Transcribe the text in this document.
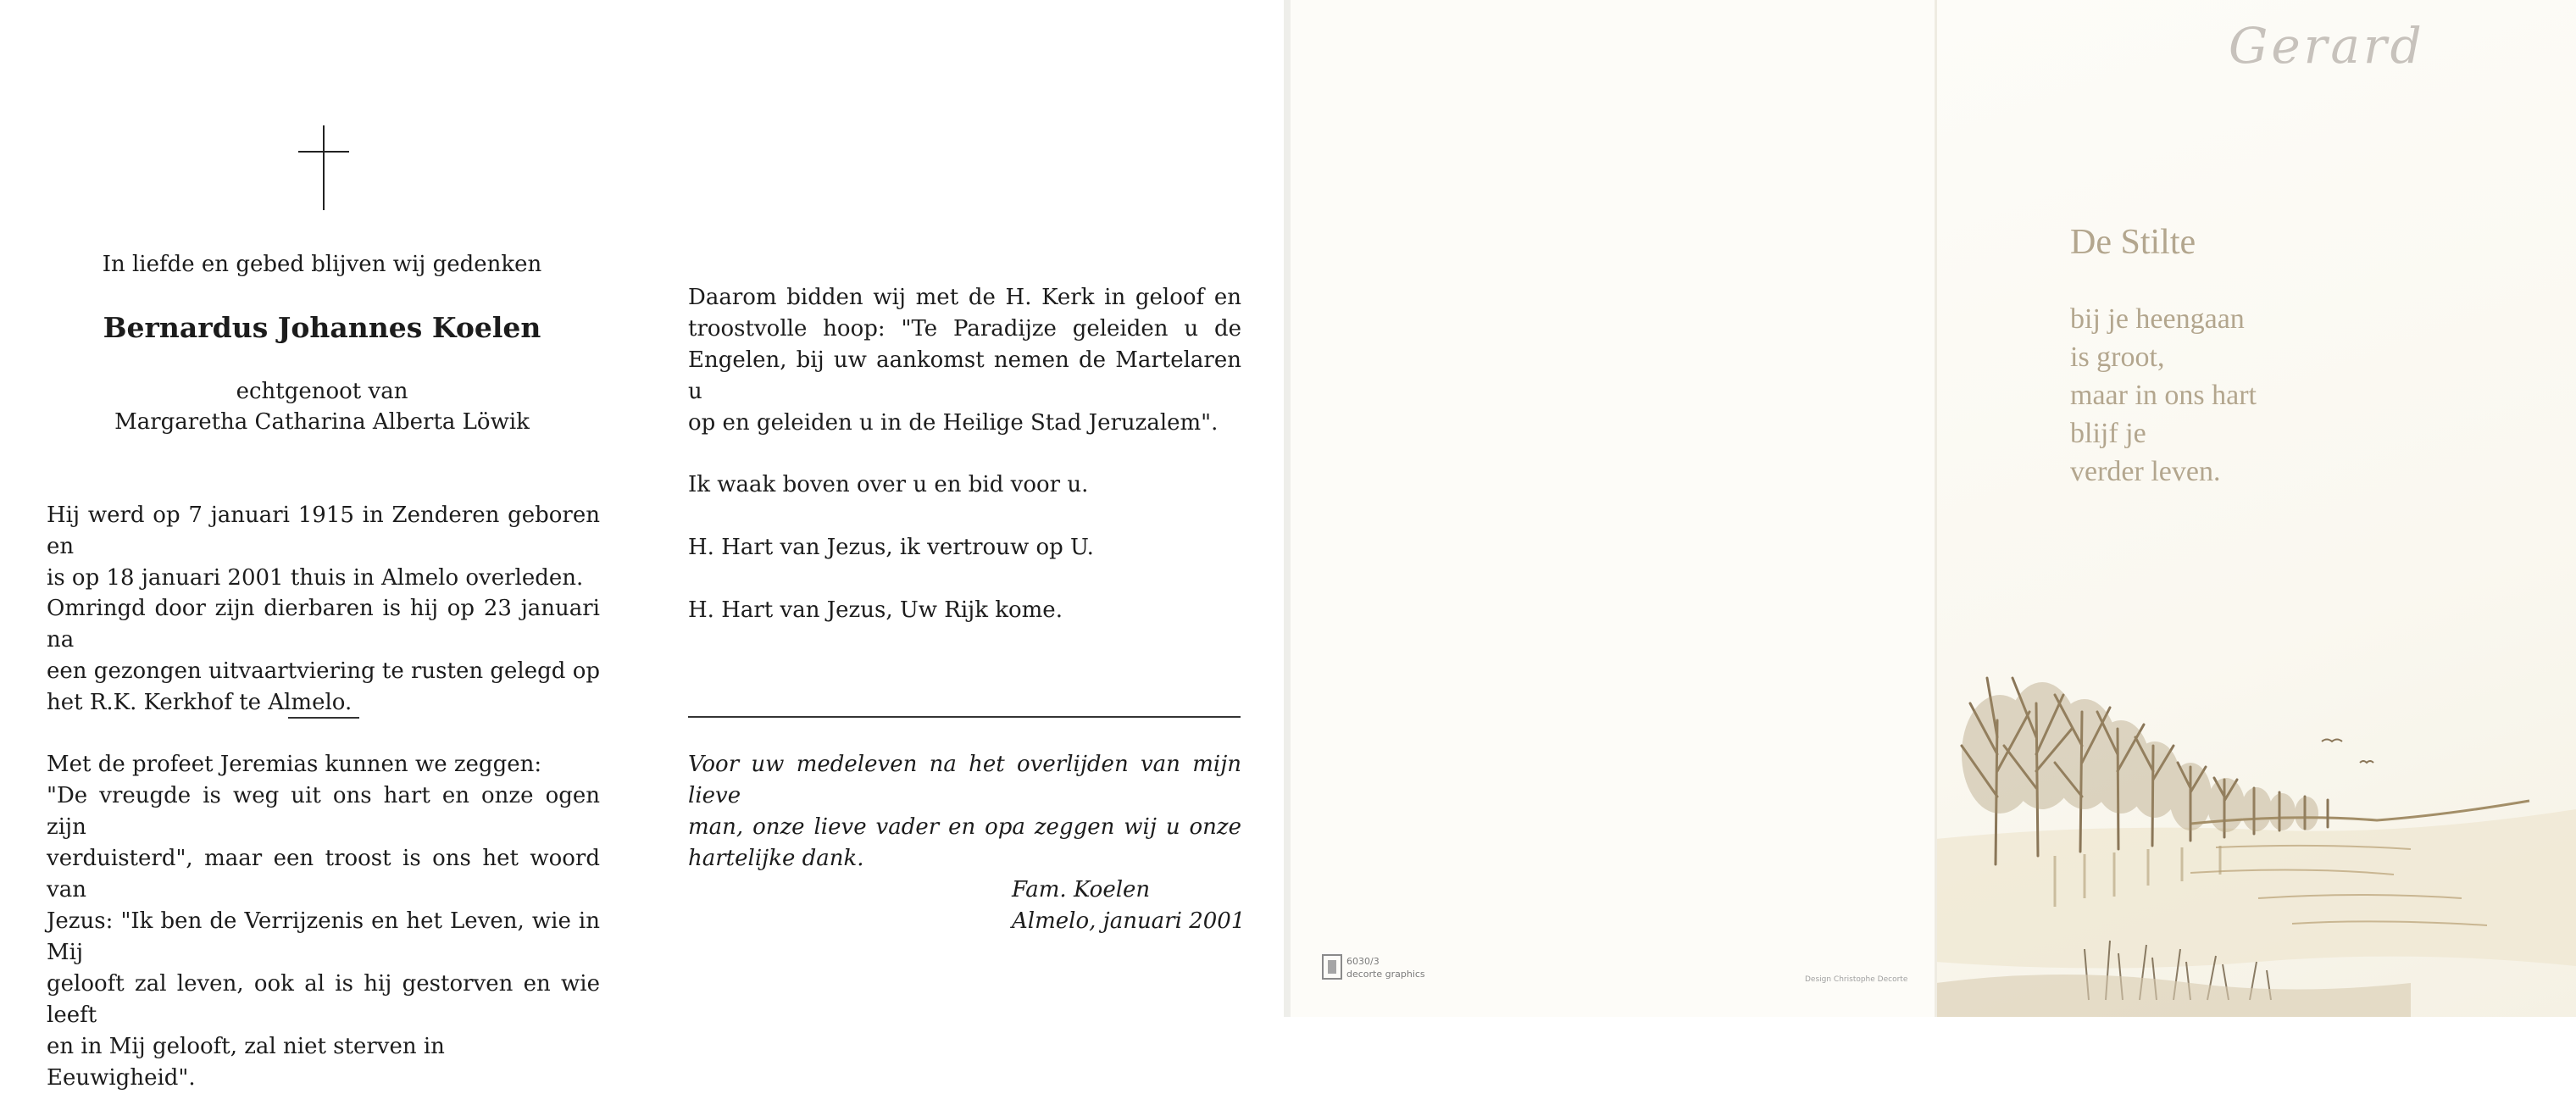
In liefde en gebed blijven wij gedenken
Bernardus Johannes Koelen
echtgenoot van
Margaretha Catharina Alberta Löwik
Hij werd op 7 januari 1915 in Zenderen geboren en
is op 18 januari 2001 thuis in Almelo overleden.
Omringd door zijn dierbaren is hij op 23 januari na
een gezongen uitvaartviering te rusten gelegd op
het R.K. Kerkhof te Almelo.
Met de profeet Jeremias kunnen we zeggen:
"De vreugde is weg uit ons hart en onze ogen zijn
verduisterd", maar een troost is ons het woord van
Jezus: "Ik ben de Verrijzenis en het Leven, wie in Mij
gelooft zal leven, ook al is hij gestorven en wie leeft
en in Mij gelooft, zal niet sterven in Eeuwigheid".
Daarom bidden wij met de H. Kerk in geloof en
troostvolle hoop: "Te Paradijze geleiden u de
Engelen, bij uw aankomst nemen de Martelaren u
op en geleiden u in de Heilige Stad Jeruzalem".
Ik waak boven over u en bid voor u.
H. Hart van Jezus, ik vertrouw op U.
H. Hart van Jezus, Uw Rijk kome.
Voor uw medeleven na het overlijden van mijn lieve
man, onze lieve vader en opa zeggen wij u onze
hartelijke dank.
Fam. Koelen
Almelo, januari 2001
6030/3
decorte graphics
Gerard
De Stilte
bij je heengaan
is groot,
maar in ons hart
blijf je
verder leven.
Design Christophe Decorte
